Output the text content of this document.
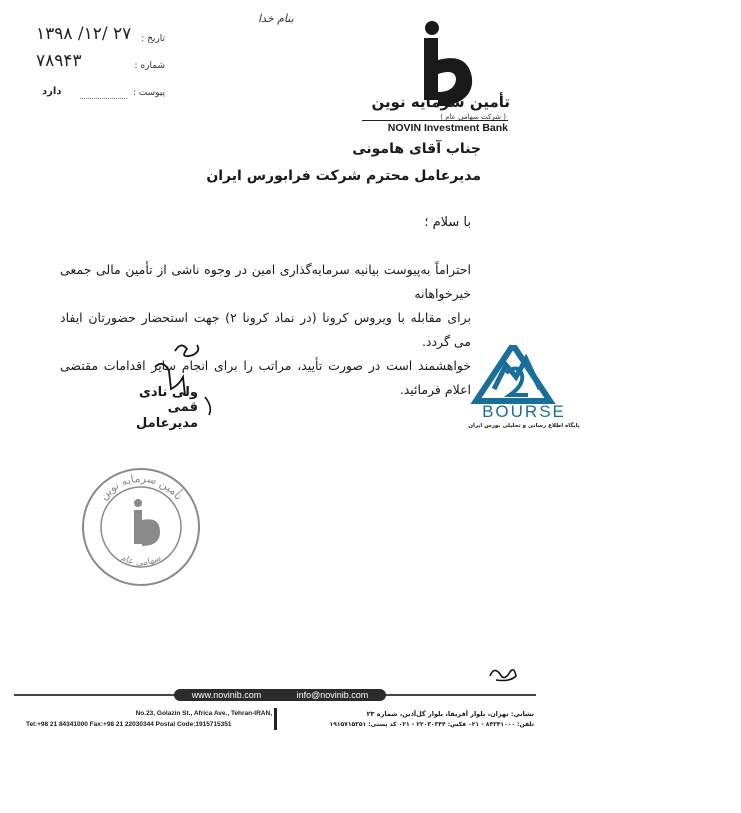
بنام خدا
۱۳۹۸ /۱۲/ ۲۷ تاریخ :
۷۸۹۴۳	شماره :
دارد	پیوست :	تأمین سرمایه نوین
( شرکت سهامی عام )
NOVIN Investment Bank
جناب آقای هامونی
مدیرعامل محترم شرکت فرابورس ایران
با سلام ؛
احتراماً به‌پیوست بیانیه سرمایه‌گذاری امین در وجوه ناشی از تأمین مالی جمعی خیرخواهانه
برای مقابله با ویروس کرونا (در نماد کرونا ۲) جهت استحضار حضورتان ایفاد می گردد.
خواهشمند است در صورت تأیید، مراتب را برای انجام سایر اقدامات مقتضی اعلام فرمائید.
BOURSE
پایگاه اطلاع رسانی و تحلیلی بورس ایران
ولی نادی قمی
مدیرعامل
تأمین سرمایه نوین
سهامی عام
www.novinib.com	info@novinib.com
No.23, Golazin St., Africa Ave., Tehran-IRAN,	نشانی: تهران، بلوار آفریقا، بلوار گل‌آذین، شماره ۲۳
Tel:+98 21 84341000 Fax:+98 21 22030344 Postal Code:1915715351	تلفن: ۸۴۳۴۱۰۰۰ - ۰۲۱ فکس: ۲۲۰۳۰۳۴۴ - ۰۲۱ کد پستی: ۱۹۱۵۷۱۵۳۵۱
